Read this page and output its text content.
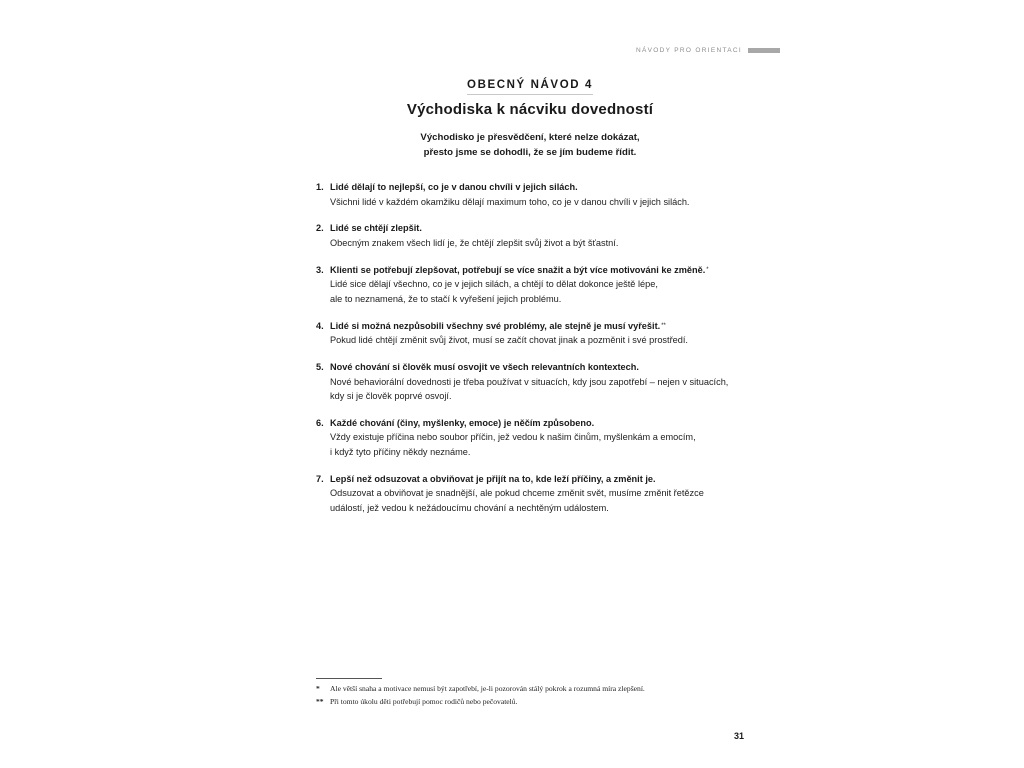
NÁVODY PRO ORIENTACI
OBECNÝ NÁVOD 4
Východiska k nácviku dovedností
Východisko je přesvědčení, které nelze dokázat,
přesto jsme se dohodli, že se jím budeme řídit.
1. Lidé dělají to nejlepší, co je v danou chvíli v jejich silách.
Všichni lidé v každém okamžiku dělají maximum toho, co je v danou chvíli v jejich silách.
2. Lidé se chtějí zlepšit.
Obecným znakem všech lidí je, že chtějí zlepšit svůj život a být šťastní.
3. Klienti se potřebují zlepšovat, potřebují se více snažit a být více motivováni ke změně.*
Lidé sice dělají všechno, co je v jejich silách, a chtějí to dělat dokonce ještě lépe,
ale to neznamená, že to stačí k vyřešení jejich problému.
4. Lidé si možná nezpůsobili všechny své problémy, ale stejně je musí vyřešit.**
Pokud lidé chtějí změnit svůj život, musí se začít chovat jinak a pozměnit i své prostředí.
5. Nové chování si člověk musí osvojit ve všech relevantních kontextech.
Nové behaviorální dovednosti je třeba používat v situacích, kdy jsou zapotřebí – nejen v situacích,
kdy si je člověk poprvé osvojí.
6. Každé chování (činy, myšlenky, emoce) je něčím způsobeno.
Vždy existuje příčina nebo soubor příčin, jež vedou k našim činům, myšlenkám a emocím,
i když tyto příčiny někdy neznáme.
7. Lepší než odsuzovat a obviňovat je přijít na to, kde leží příčiny, a změnit je.
Odsuzovat a obviňovat je snadnější, ale pokud chceme změnit svět, musíme změnit řetězce
událostí, jež vedou k nežádoucímu chování a nechtěným událostem.
*	Ale větší snaha a motivace nemusí být zapotřebí, je-li pozorován stálý pokrok a rozumná míra zlepšení.
** Při tomto úkolu děti potřebují pomoc rodičů nebo pečovatelů.
31
